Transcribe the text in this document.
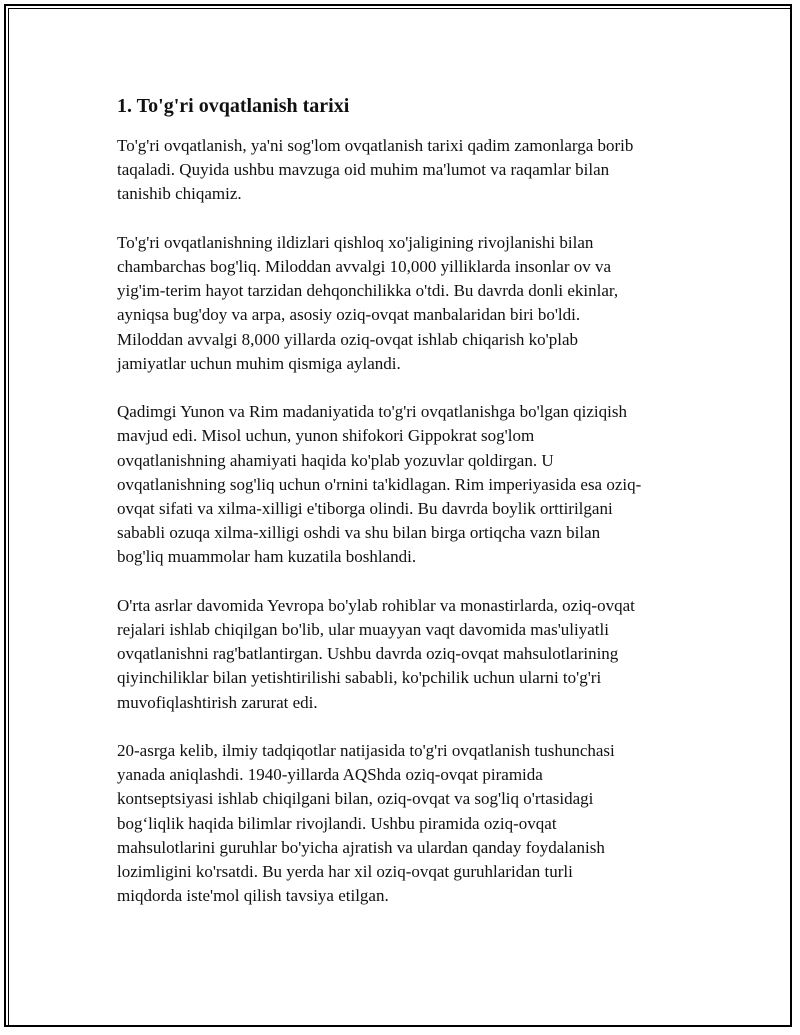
1. To'g'ri ovqatlanish tarixi
To'g'ri ovqatlanish, ya'ni sog'lom ovqatlanish tarixi qadim zamonlarga borib
taqaladi. Quyida ushbu mavzuga oid muhim ma'lumot va raqamlar bilan
tanishib chiqamiz.
To'g'ri ovqatlanishning ildizlari qishloq xo'jaligining rivojlanishi bilan
chambarchas bog'liq. Miloddan avvalgi 10,000 yilliklarda insonlar ov va
yig'im-terim hayot tarzidan dehqonchilikka o'tdi. Bu davrda donli ekinlar,
ayniqsa bug'doy va arpa, asosiy oziq-ovqat manbalaridan biri bo'ldi.
Miloddan avvalgi 8,000 yillarda oziq-ovqat ishlab chiqarish ko'plab
jamiyatlar uchun muhim qismiga aylandi.
Qadimgi Yunon va Rim madaniyatida to'g'ri ovqatlanishga bo'lgan qiziqish
mavjud edi. Misol uchun, yunon shifokori Gippokrat sog'lom
ovqatlanishning ahamiyati haqida ko'plab yozuvlar qoldirgan. U
ovqatlanishning sog'liq uchun o'rnini ta'kidlagan. Rim imperiyasida esa oziq-
ovqat sifati va xilma-xilligi e'tiborga olindi. Bu davrda boylik orttirilgani
sababli ozuqa xilma-xilligi oshdi va shu bilan birga ortiqcha vazn bilan
bog'liq muammolar ham kuzatila boshlandi.
O'rta asrlar davomida Yevropa bo'ylab rohiblar va monastirlarda, oziq-ovqat
rejalari ishlab chiqilgan bo'lib, ular muayyan vaqt davomida mas'uliyatli
ovqatlanishni rag'batlantirgan. Ushbu davrda oziq-ovqat mahsulotlarining
qiyinchiliklar bilan yetishtirilishi sababli, ko'pchilik uchun ularni to'g'ri
muvofiqlashtirish zarurat edi.
20-asrga kelib, ilmiy tadqiqotlar natijasida to'g'ri ovqatlanish tushunchasi
yanada aniqlashdi. 1940-yillarda AQShda oziq-ovqat piramida
kontseptsiyasi ishlab chiqilgani bilan, oziq-ovqat va sog'liq o'rtasidagi
bog‘liqlik haqida bilimlar rivojlandi. Ushbu piramida oziq-ovqat
mahsulotlarini guruhlar bo'yicha ajratish va ulardan qanday foydalanish
lozimligini ko'rsatdi. Bu yerda har xil oziq-ovqat guruhlaridan turli
miqdorda iste'mol qilish tavsiya etilgan.
